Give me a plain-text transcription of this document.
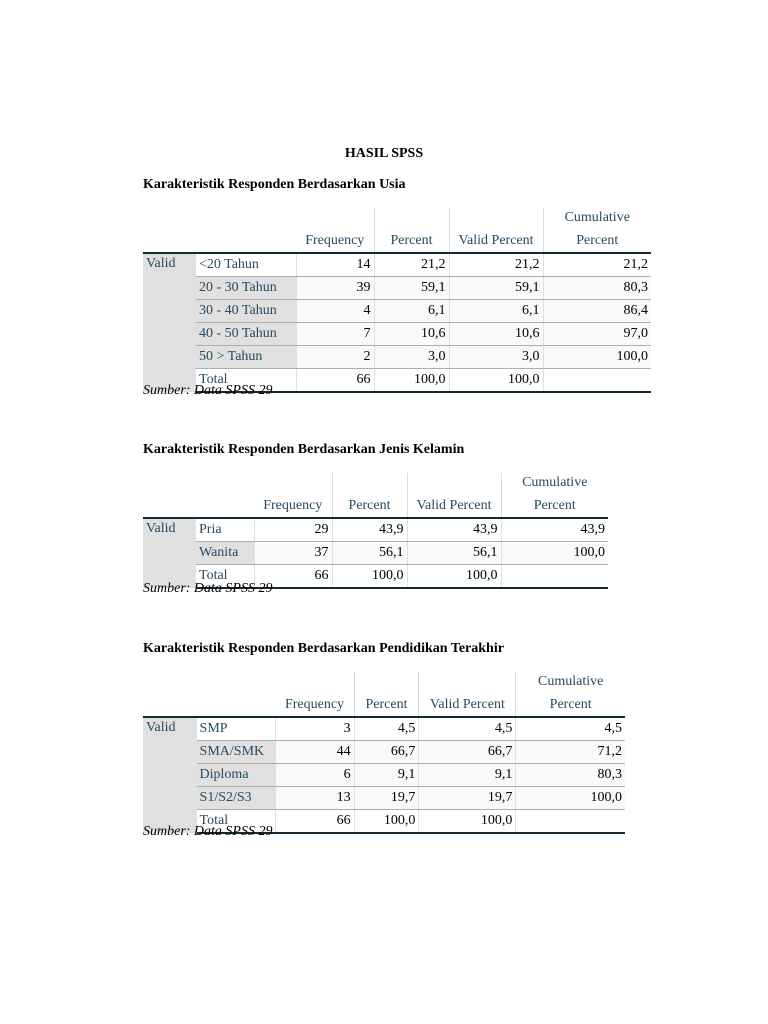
HASIL SPSS
Karakteristik Responden Berdasarkan Usia
					Cumulative
		Frequency	Percent	Valid Percent	Percent
Valid	<20 Tahun	14	21,2	21,2	21,2
	20 - 30 Tahun	39	59,1	59,1	80,3
	30 - 40 Tahun	4	6,1	6,1	86,4
	40 - 50 Tahun	7	10,6	10,6	97,0
	50 > Tahun	2	3,0	3,0	100,0
	Total	66	100,0	100,0	
Sumber: Data SPSS 29
Karakteristik Responden Berdasarkan Jenis Kelamin
					Cumulative
		Frequency	Percent	Valid Percent	Percent
Valid	Pria	29	43,9	43,9	43,9
	Wanita	37	56,1	56,1	100,0
	Total	66	100,0	100,0	
Sumber: Data SPSS 29
Karakteristik Responden Berdasarkan Pendidikan Terakhir
					Cumulative
		Frequency	Percent	Valid Percent	Percent
Valid	SMP	3	4,5	4,5	4,5
	SMA/SMK	44	66,7	66,7	71,2
	Diploma	6	9,1	9,1	80,3
	S1/S2/S3	13	19,7	19,7	100,0
	Total	66	100,0	100,0	
Sumber: Data SPSS 29
